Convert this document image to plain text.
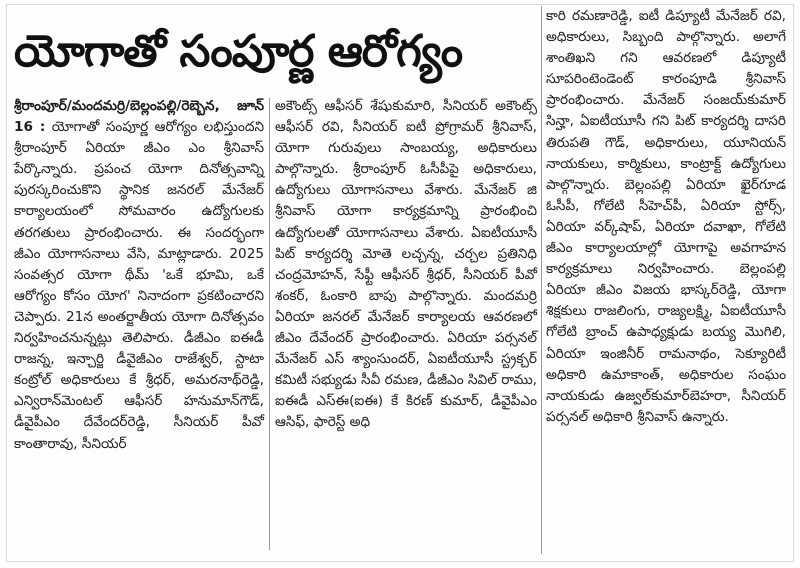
యోగాతో సంపూర్ణ ఆరోగ్యం

శ్రీరాంపూర్/మందమర్రి/బెల్లంపల్లి/రెబ్బెన, జూన్ 16 : యోగాతో సంపూర్ణ ఆరోగ్యం లభిస్తుందని శ్రీరాంపూర్ ఏరియా జీఎం ఎం శ్రీనివాస్ పేర్కొన్నారు. ప్రపంచ యోగా దినోత్సవాన్ని పురస్కరించుకొని స్థానిక జనరల్ మేనేజర్ కార్యాలయంలో సోమవారం ఉద్యోగులకు తరగతులు ప్రారంభించారు. ఈ సందర్భంగా జీఎం యోగాసనాలు వేసి, మాట్లాడారు. 2025 సంవత్సర యోగా థీమ్ 'ఒకే భూమి, ఒకే ఆరోగ్యం కోసం యోగ' నినాదంగా ప్రకటించారని చెప్పారు. 21న అంతర్జాతీయ యోగా దినోత్సవం నిర్వహించనున్నట్లు తెలిపారు. డీజీఎం ఐఈడీ రాజన్న, ఇన్చార్జి డీవైజీఎం రాజేశ్వర్, స్టాటా కంట్రోల్ అధికారులు కే శ్రీధర్, అమరనాథ్‌రెడ్డి, ఎన్విరాన్‌మెంటల్ ఆఫీసర్ హనుమాన్‌గౌడ్, డీవైపీఎం దేవేందర్‌రెడ్డి, సీనియర్ పీవో కాంతారావు, సీనియర్

అకౌంట్స్ ఆఫీసర్ శేషుకుమారి, సీనియర్ అకౌంట్స్ ఆఫీసర్ రవి, సీనియర్ ఐటీ ప్రోగ్రామర్ శ్రీనివాస్, యోగా గురువులు సాంబయ్య, అధికారులు పాల్గొన్నారు. శ్రీరాంపూర్ ఓసీపీపై అధికారులు, ఉద్యోగులు యోగాసనాలు వేశారు. మేనేజర్ జి శ్రీనివాస్ యోగా కార్యక్రమాన్ని ప్రారంభించి ఉద్యోగులతో యోగాసనాలు వేశారు. ఏఐటీయూసీ పిట్ కార్యదర్శి మోతె లచ్చన్న, చర్చల ప్రతినిధి చంద్రమోహన్, సేఫ్టీ ఆఫీసర్ శ్రీధర్, సీనియర్ పీవో శంకర్, ఓంకారి బాపు పాల్గొన్నారు. మందమర్రి ఏరియా జనరల్ మేనేజర్ కార్యాలయ ఆవరణలో జీఎం దేవేందర్ ప్రారంభించారు. ఏరియా పర్సనల్ మేనేజర్ ఎస్ శ్యాంసుందర్, ఏఐటీయూసీ స్ట్రక్చర్ కమిటీ సభ్యుడు సీవీ రమణ, డీజీఎం సివిల్ రాము, ఐఈడీ ఎస్ఈ(ఐఈ) కే కిరణ్ కుమార్, డీవైపీఎం ఆసిఫ్, ఫారెస్ట్ అధి

కారి రమణారెడ్డి, ఐటీ డిప్యూటీ మేనేజర్ రవి, అధికారులు, సిబ్బంది పాల్గొన్నారు. అలాగే శాంతిఖని గని ఆవరణలో డిప్యూటీ సూపరింటెండెంట్ కారంపూడి శ్రీనివాస్ ప్రారంభించారు. మేనేజర్ సంజయ్‌కుమార్ సిన్హా, ఏఐటీయూసీ గని పిట్ కార్యదర్శి దాసరి తిరుపతి గౌడ్, అధికారులు, యూనియన్ నాయకులు, కార్మికులు, కాంట్రాక్ట్ ఉద్యోగులు పాల్గొన్నారు. బెల్లంపల్లి ఏరియా ఖైర్‌గూడ ఓసీపీ, గోలేటి సీహెచ్‌పీ, ఏరియా స్టోర్స్, ఏరియా వర్క్‌షాప్, ఏరియా దవాఖా, గోలేటి జీఎం కార్యాలయాల్లో యోగాపై అవగాహన కార్యక్రమాలు నిర్వహించారు. బెల్లంపల్లి ఏరియా జీఎం విజయ భాస్కర్‌రెడ్డి, యోగా శిక్షకులు రాజలింగు, రాజ్యలక్ష్మి, ఏఐటీయూసీ గోలేటి బ్రాంచ్ ఉపాధ్యక్షుడు బయ్య మొగిలి, ఏరియా ఇంజినీర్ రామనాథం, సెక్యూరిటీ అధికారి ఉమాకాంత్, అధికారుల సంఘం నాయకుడు ఉజ్వల్‌కుమార్‌బెహరా, సీనియర్ పర్సనల్ అధికారి శ్రీనివాస్ ఉన్నారు.
